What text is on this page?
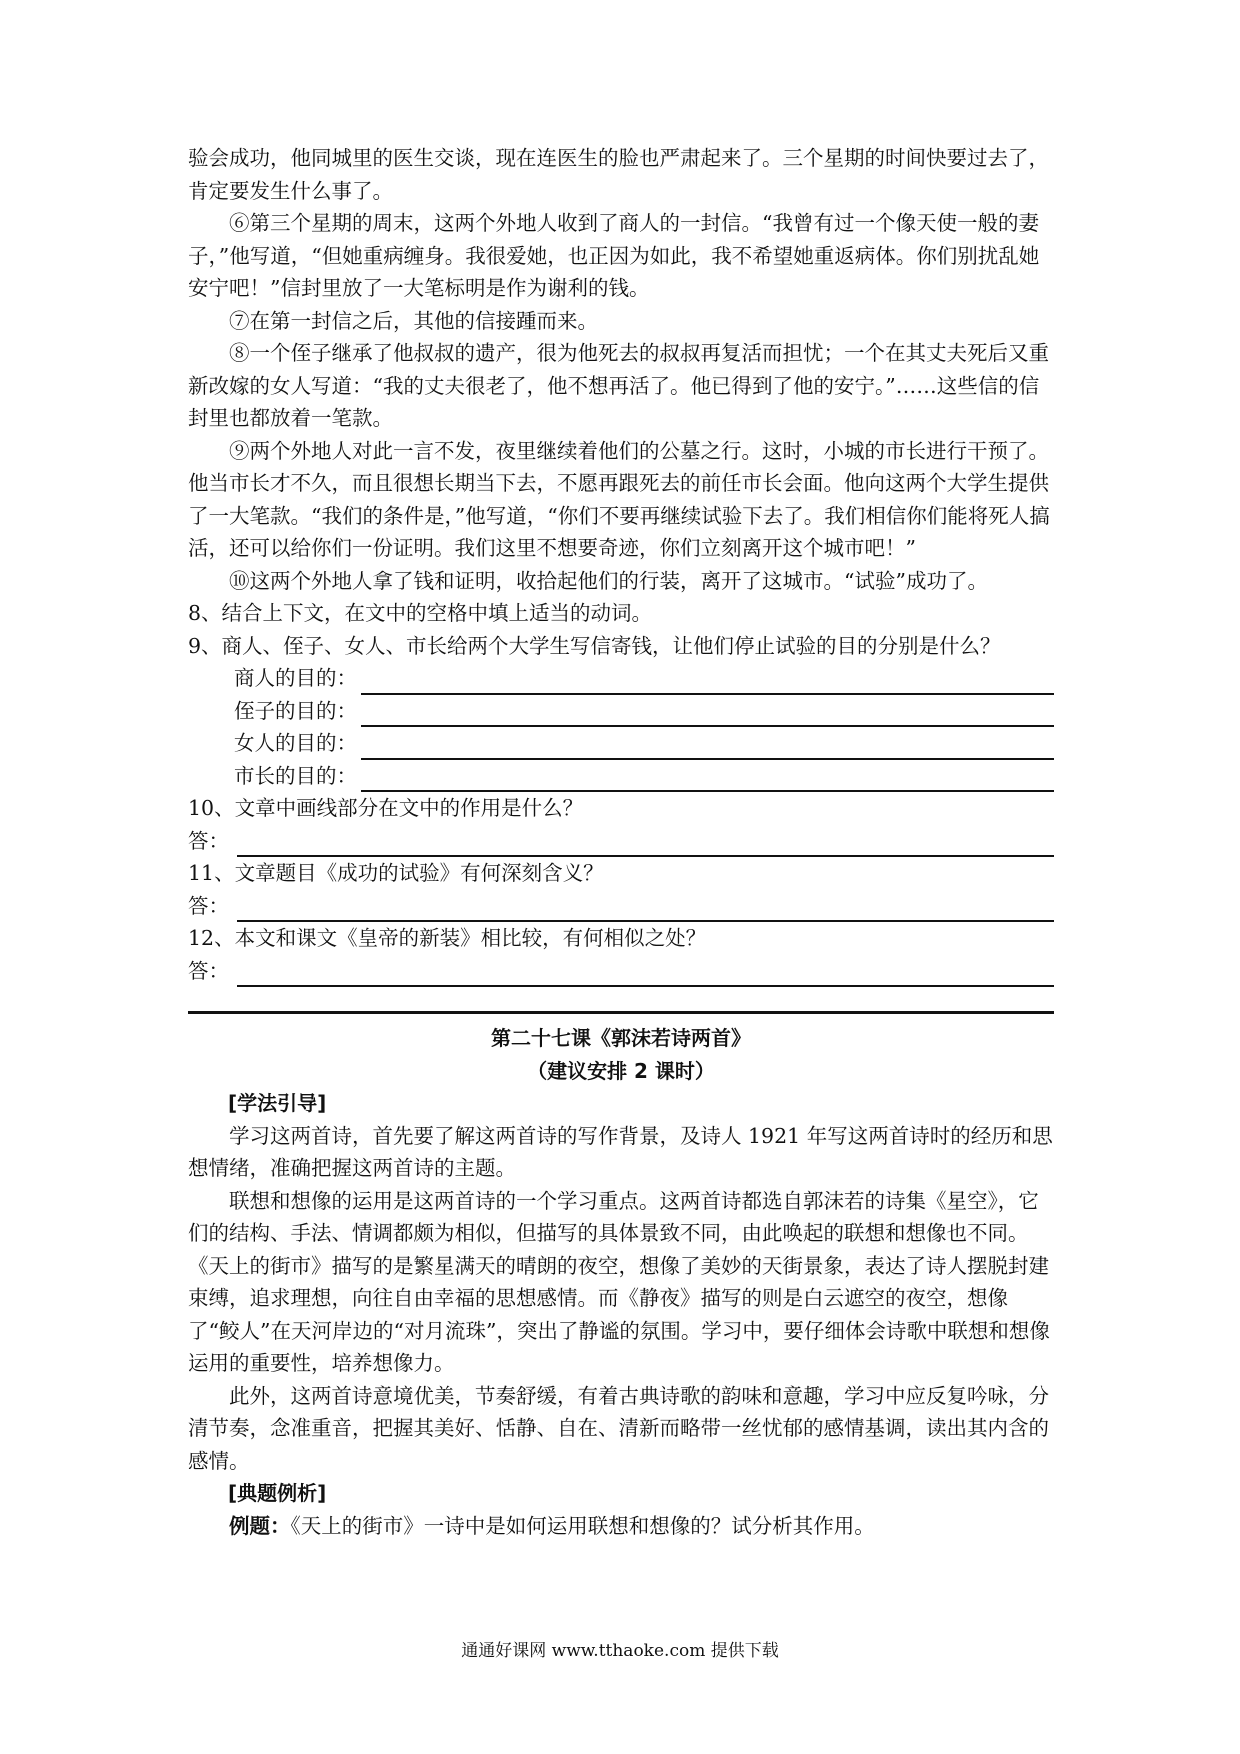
验会成功，他同城里的医生交谈，现在连医生的脸也严肃起来了。三个星期的时间快要过去了，肯定要发生什么事了。

⑥第三个星期的周末，这两个外地人收到了商人的一封信。“我曾有过一个像天使一般的妻子，”他写道，“但她重病缠身。我很爱她，也正因为如此，我不希望她重返病体。你们别扰乱她安宁吧！”信封里放了一大笔标明是作为谢利的钱。

⑦在第一封信之后，其他的信接踵而来。

⑧一个侄子继承了他叔叔的遗产，很为他死去的叔叔再复活而担忧；一个在其丈夫死后又重新改嫁的女人写道：“我的丈夫很老了，他不想再活了。他已得到了他的安宁。”……这些信的信封里也都放着一笔款。

⑨两个外地人对此一言不发，夜里继续着他们的公墓之行。这时，小城的市长进行干预了。他当市长才不久，而且很想长期当下去，不愿再跟死去的前任市长会面。他向这两个大学生提供了一大笔款。“我们的条件是，”他写道，“你们不要再继续试验下去了。我们相信你们能将死人搞活，还可以给你们一份证明。我们这里不想要奇迹，你们立刻离开这个城市吧！”

⑩这两个外地人拿了钱和证明，收拾起他们的行装，离开了这城市。“试验”成功了。

8、结合上下文，在文中的空格中填上适当的动词。

9、商人、侄子、女人、市长给两个大学生写信寄钱，让他们停止试验的目的分别是什么？

商人的目的：
侄子的目的：
女人的目的：
市长的目的：

10、文章中画线部分在文中的作用是什么？

答：

11、文章题目《成功的试验》有何深刻含义？

答：

12、本文和课文《皇帝的新装》相比较，有何相似之处？

答：

第二十七课《郭沫若诗两首》

（建议安排 2 课时）

[学法引导]

学习这两首诗，首先要了解这两首诗的写作背景，及诗人 1921 年写这两首诗时的经历和思想情绪，准确把握这两首诗的主题。

联想和想像的运用是这两首诗的一个学习重点。这两首诗都选自郭沫若的诗集《星空》，它们的结构、手法、情调都颇为相似，但描写的具体景致不同，由此唤起的联想和想像也不同。《天上的街市》描写的是繁星满天的晴朗的夜空，想像了美妙的天街景象，表达了诗人摆脱封建束缚，追求理想，向往自由幸福的思想感情。而《静夜》描写的则是白云遮空的夜空，想像了“鲛人”在天河岸边的“对月流珠”，突出了静谧的氛围。学习中，要仔细体会诗歌中联想和想像运用的重要性，培养想像力。

此外，这两首诗意境优美，节奏舒缓，有着古典诗歌的韵味和意趣，学习中应反复吟咏，分清节奏，念准重音，把握其美好、恬静、自在、清新而略带一丝忧郁的感情基调，读出其内含的感情。

[典题例析]

例题：《天上的街市》一诗中是如何运用联想和想像的？试分析其作用。

通通好课网 www.tthaoke.com 提供下载
